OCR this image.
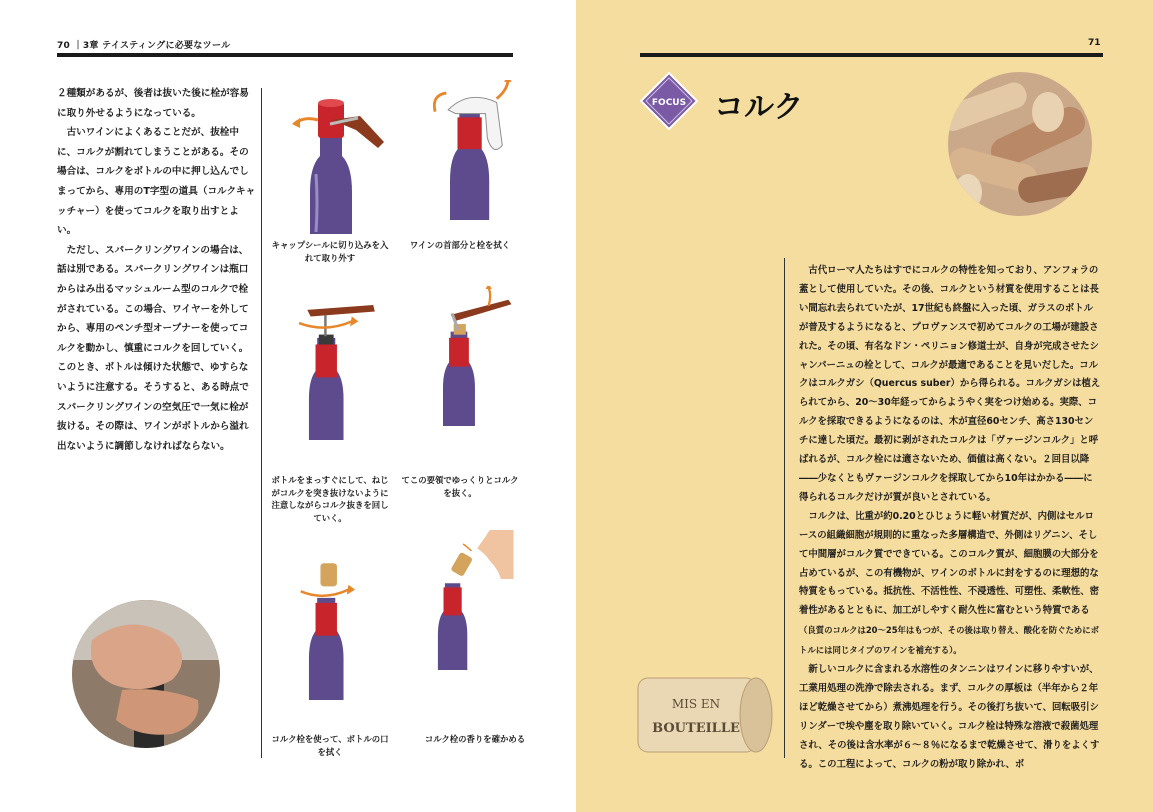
70 ｜3章 テイスティングに必要なツール

２種類があるが、後者は抜いた後に栓が容易に取り外せるようになっている。

古いワインによくあることだが、抜栓中に、コルクが割れてしまうことがある。その場合は、コルクをボトルの中に押し込んでしまってから、専用のT字型の道具（コルクキャッチャー）を使ってコルクを取り出すとよい。

ただし、スパークリングワインの場合は、話は別である。スパークリングワインは瓶口からはみ出るマッシュルーム型のコルクで栓がされている。この場合、ワイヤーを外してから、専用のペンチ型オープナーを使ってコルクを動かし、慎重にコルクを回していく。このとき、ボトルは傾けた状態で、ゆすらないように注意する。そうすると、ある時点でスパークリングワインの空気圧で一気に栓が抜ける。その際は、ワインがボトルから溢れ出ないように調節しなければならない。

キャップシールに切り込みを入れて取り外す
ワインの首部分と栓を拭く
ボトルをまっすぐにして、ねじがコルクを突き抜けないように注意しながらコルク抜きを回していく。
てこの要領でゆっくりとコルクを抜く。
コルク栓を使って、ボトルの口を拭く
コルク栓の香りを確かめる
71
FOCUS コルク

古代ローマ人たちはすでにコルクの特性を知っており、アンフォラの蓋として使用していた。その後、コルクという材質を使用することは長い間忘れ去られていたが、17世紀も終盤に入った頃、ガラスのボトルが普及するようになると、プロヴァンスで初めてコルクの工場が建設された。その頃、有名なドン・ペリニョン修道士が、自身が完成させたシャンパーニュの栓として、コルクが最適であることを見いだした。コルクはコルクガシ（Quercus suber）から得られる。コルクガシは植えられてから、20〜30年経ってからようやく実をつけ始める。実際、コルクを採取できるようになるのは、木が直径60センチ、高さ130センチに達した頃だ。最初に剥がされたコルクは「ヴァージンコルク」と呼ばれるが、コルク栓には適さないため、価値は高くない。２回目以降――少なくともヴァージンコルクを採取してから10年はかかる――に得られるコルクだけが質が良いとされている。

コルクは、比重が約0.20とひじょうに軽い材質だが、内側はセルロースの組織細胞が規則的に重なった多層構造で、外側はリグニン、そして中間層がコルク質でできている。このコルク質が、細胞膜の大部分を占めているが、この有機物が、ワインのボトルに封をするのに理想的な特質をもっている。抵抗性、不活性性、不浸透性、可塑性、柔軟性、密着性があるとともに、加工がしやすく耐久性に富むという特質である（良質のコルクは20〜25年はもつが、その後は取り替え、酸化を防ぐためにボトルには同じタイプのワインを補充する）。

新しいコルクに含まれる水溶性のタンニンはワインに移りやすいが、工業用処理の洗浄で除去される。まず、コルクの厚板は（半年から２年ほど乾燥させてから）煮沸処理を行う。その後打ち抜いて、回転吸引シリンダーで埃や塵を取り除いていく。コルク栓は特殊な溶液で殺菌処理され、その後は含水率が６〜８％になるまで乾燥させて、滑りをよくする。この工程によって、コルクの粉が取り除かれ、ボ

MIS EN
BOUTEILLE
